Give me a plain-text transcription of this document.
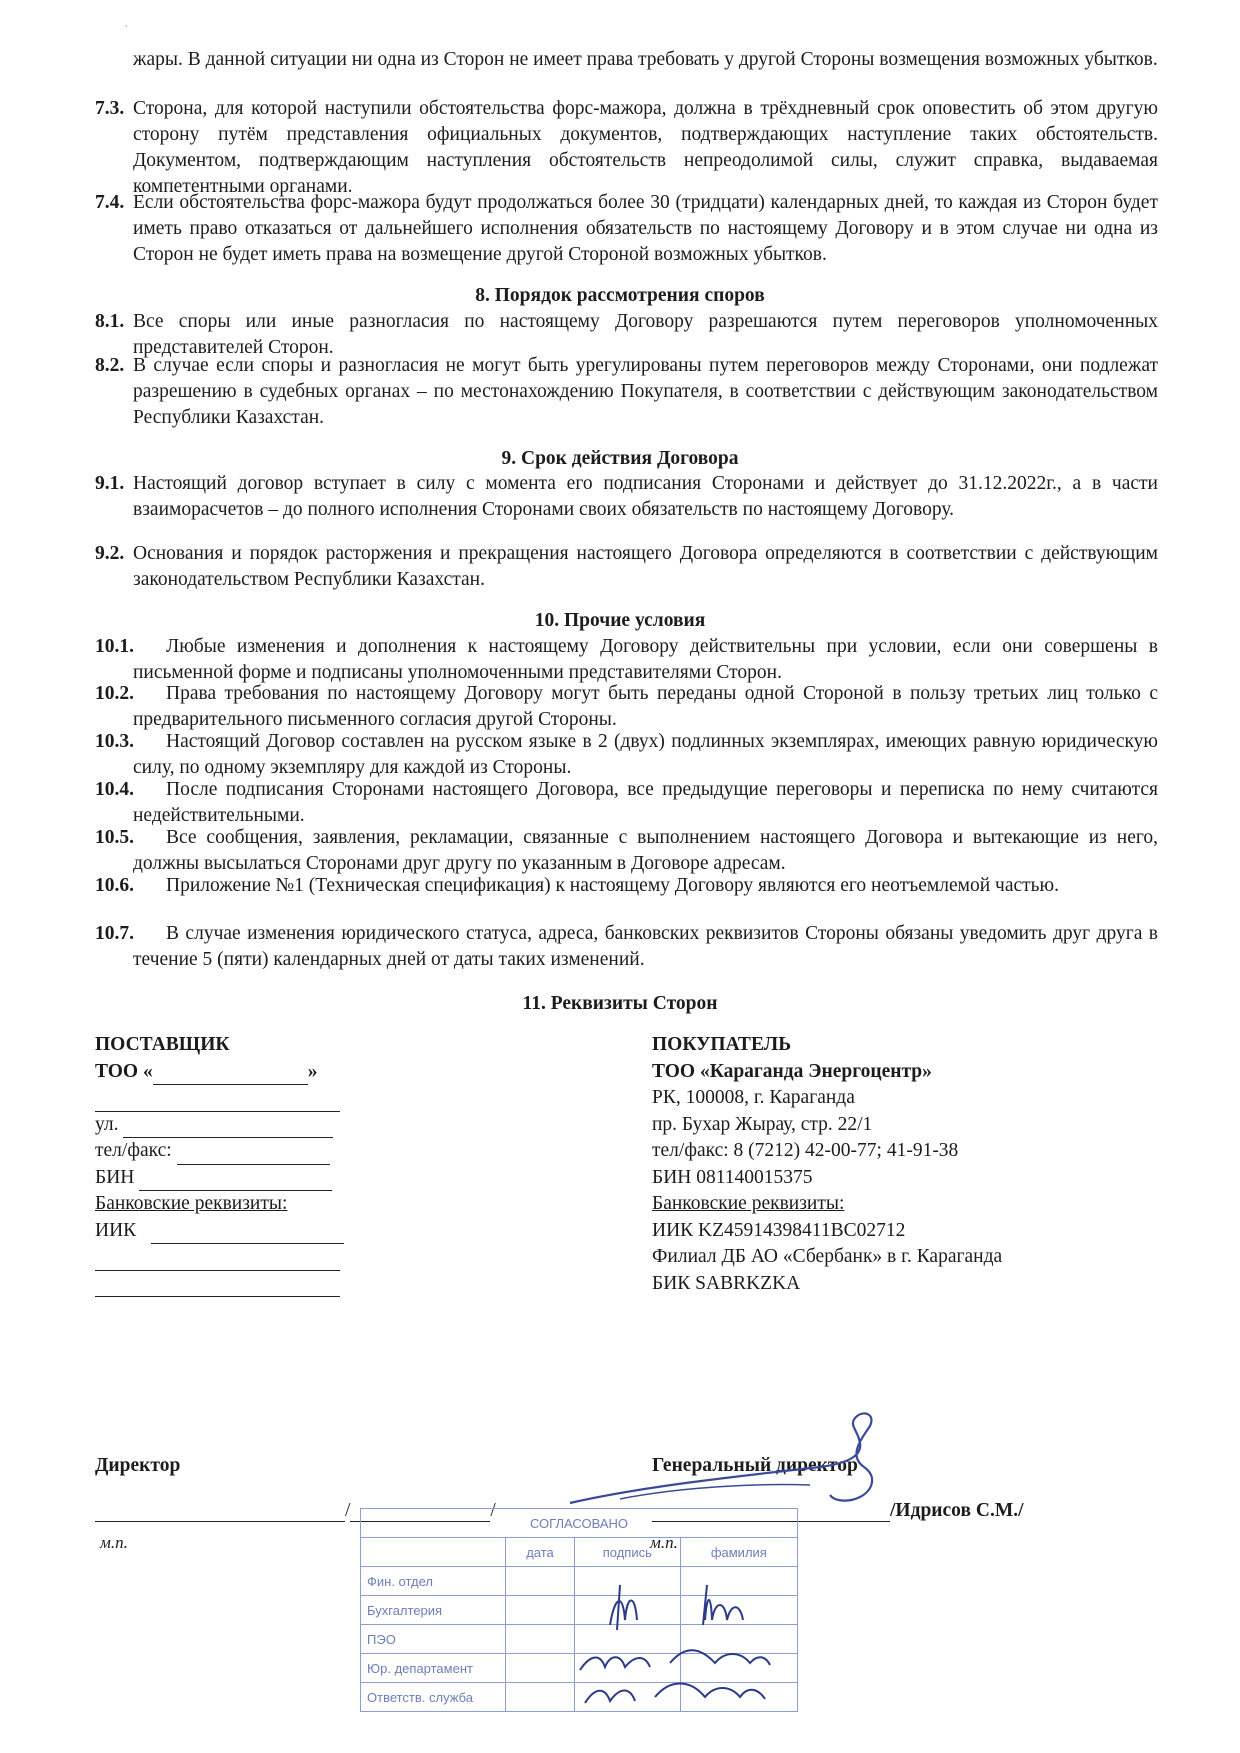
·
жары. В данной ситуации ни одна из Сторон не имеет права требовать у другой Стороны возмещения возможных убытков.
7.3. Сторона, для которой наступили обстоятельства форс-мажора, должна в трёхдневный срок оповестить об этом другую сторону путём представления официальных документов, подтверждающих наступление таких обстоятельств. Документом, подтверждающим наступления обстоятельств непреодолимой силы, служит справка, выдаваемая компетентными органами.
7.4. Если обстоятельства форс-мажора будут продолжаться более 30 (тридцати) календарных дней, то каждая из Сторон будет иметь право отказаться от дальнейшего исполнения обязательств по настоящему Договору и в этом случае ни одна из Сторон не будет иметь права на возмещение другой Стороной возможных убытков.
8. Порядок рассмотрения споров
8.1. Все споры или иные разногласия по настоящему Договору разрешаются путем переговоров уполномоченных представителей Сторон.
8.2. В случае если споры и разногласия не могут быть урегулированы путем переговоров между Сторонами, они подлежат разрешению в судебных органах – по местонахождению Покупателя, в соответствии с действующим законодательством Республики Казахстан.
9. Срок действия Договора
9.1. Настоящий договор вступает в силу с момента его подписания Сторонами и действует до 31.12.2022г., а в части взаиморасчетов – до полного исполнения Сторонами своих обязательств по настоящему Договору.
9.2. Основания и порядок расторжения и прекращения настоящего Договора определяются в соответствии с действующим законодательством Республики Казахстан.
10. Прочие условия
10.1.	Любые изменения и дополнения к настоящему Договору действительны при условии, если они совершены в письменной форме и подписаны уполномоченными представителями Сторон.
10.2.	Права требования по настоящему Договору могут быть переданы одной Стороной в пользу третьих лиц только с предварительного письменного согласия другой Стороны.
10.3.	Настоящий Договор составлен на русском языке в 2 (двух) подлинных экземплярах, имеющих равную юридическую силу, по одному экземпляру для каждой из Стороны.
10.4.	После подписания Сторонами настоящего Договора, все предыдущие переговоры и переписка по нему считаются недействительными.
10.5.	Все сообщения, заявления, рекламации, связанные с выполнением настоящего Договора и вытекающие из него, должны высылаться Сторонами друг другу по указанным в Договоре адресам.
10.6.	Приложение №1 (Техническая спецификация) к настоящему Договору являются его неотъемлемой частью.
10.7.	В случае изменения юридического статуса, адреса, банковских реквизитов Стороны обязаны уведомить друг друга в течение 5 (пяти) календарных дней от даты таких изменений.
11. Реквизиты Сторон
ПОСТАВЩИК
ТОО «	»
ул.
тел/факс:
БИН
Банковские реквизиты:
ИИК
ПОКУПАТЕЛЬ
ТОО «Караганда Энергоцентр»
РК, 100008, г. Караганда
пр. Бухар Жырау, стр. 22/1
тел/факс: 8 (7212) 42-00-77; 41-91-38
БИН 081140015375
Банковские реквизиты:
ИИК KZ45914398411BC02712
Филиал ДБ АО «Сбербанк» в г. Караганда
БИК SABRKZKA
Директор	Генеральный директор
/	/	/Идрисов С.М./
м.п.	м.п.
СОГЛАСОВАНО			
	дата	подпись	фамилия
Фин. отдел			
Бухгалтерия			
ПЭО			
Юр. департамент			
Ответств. служба			
